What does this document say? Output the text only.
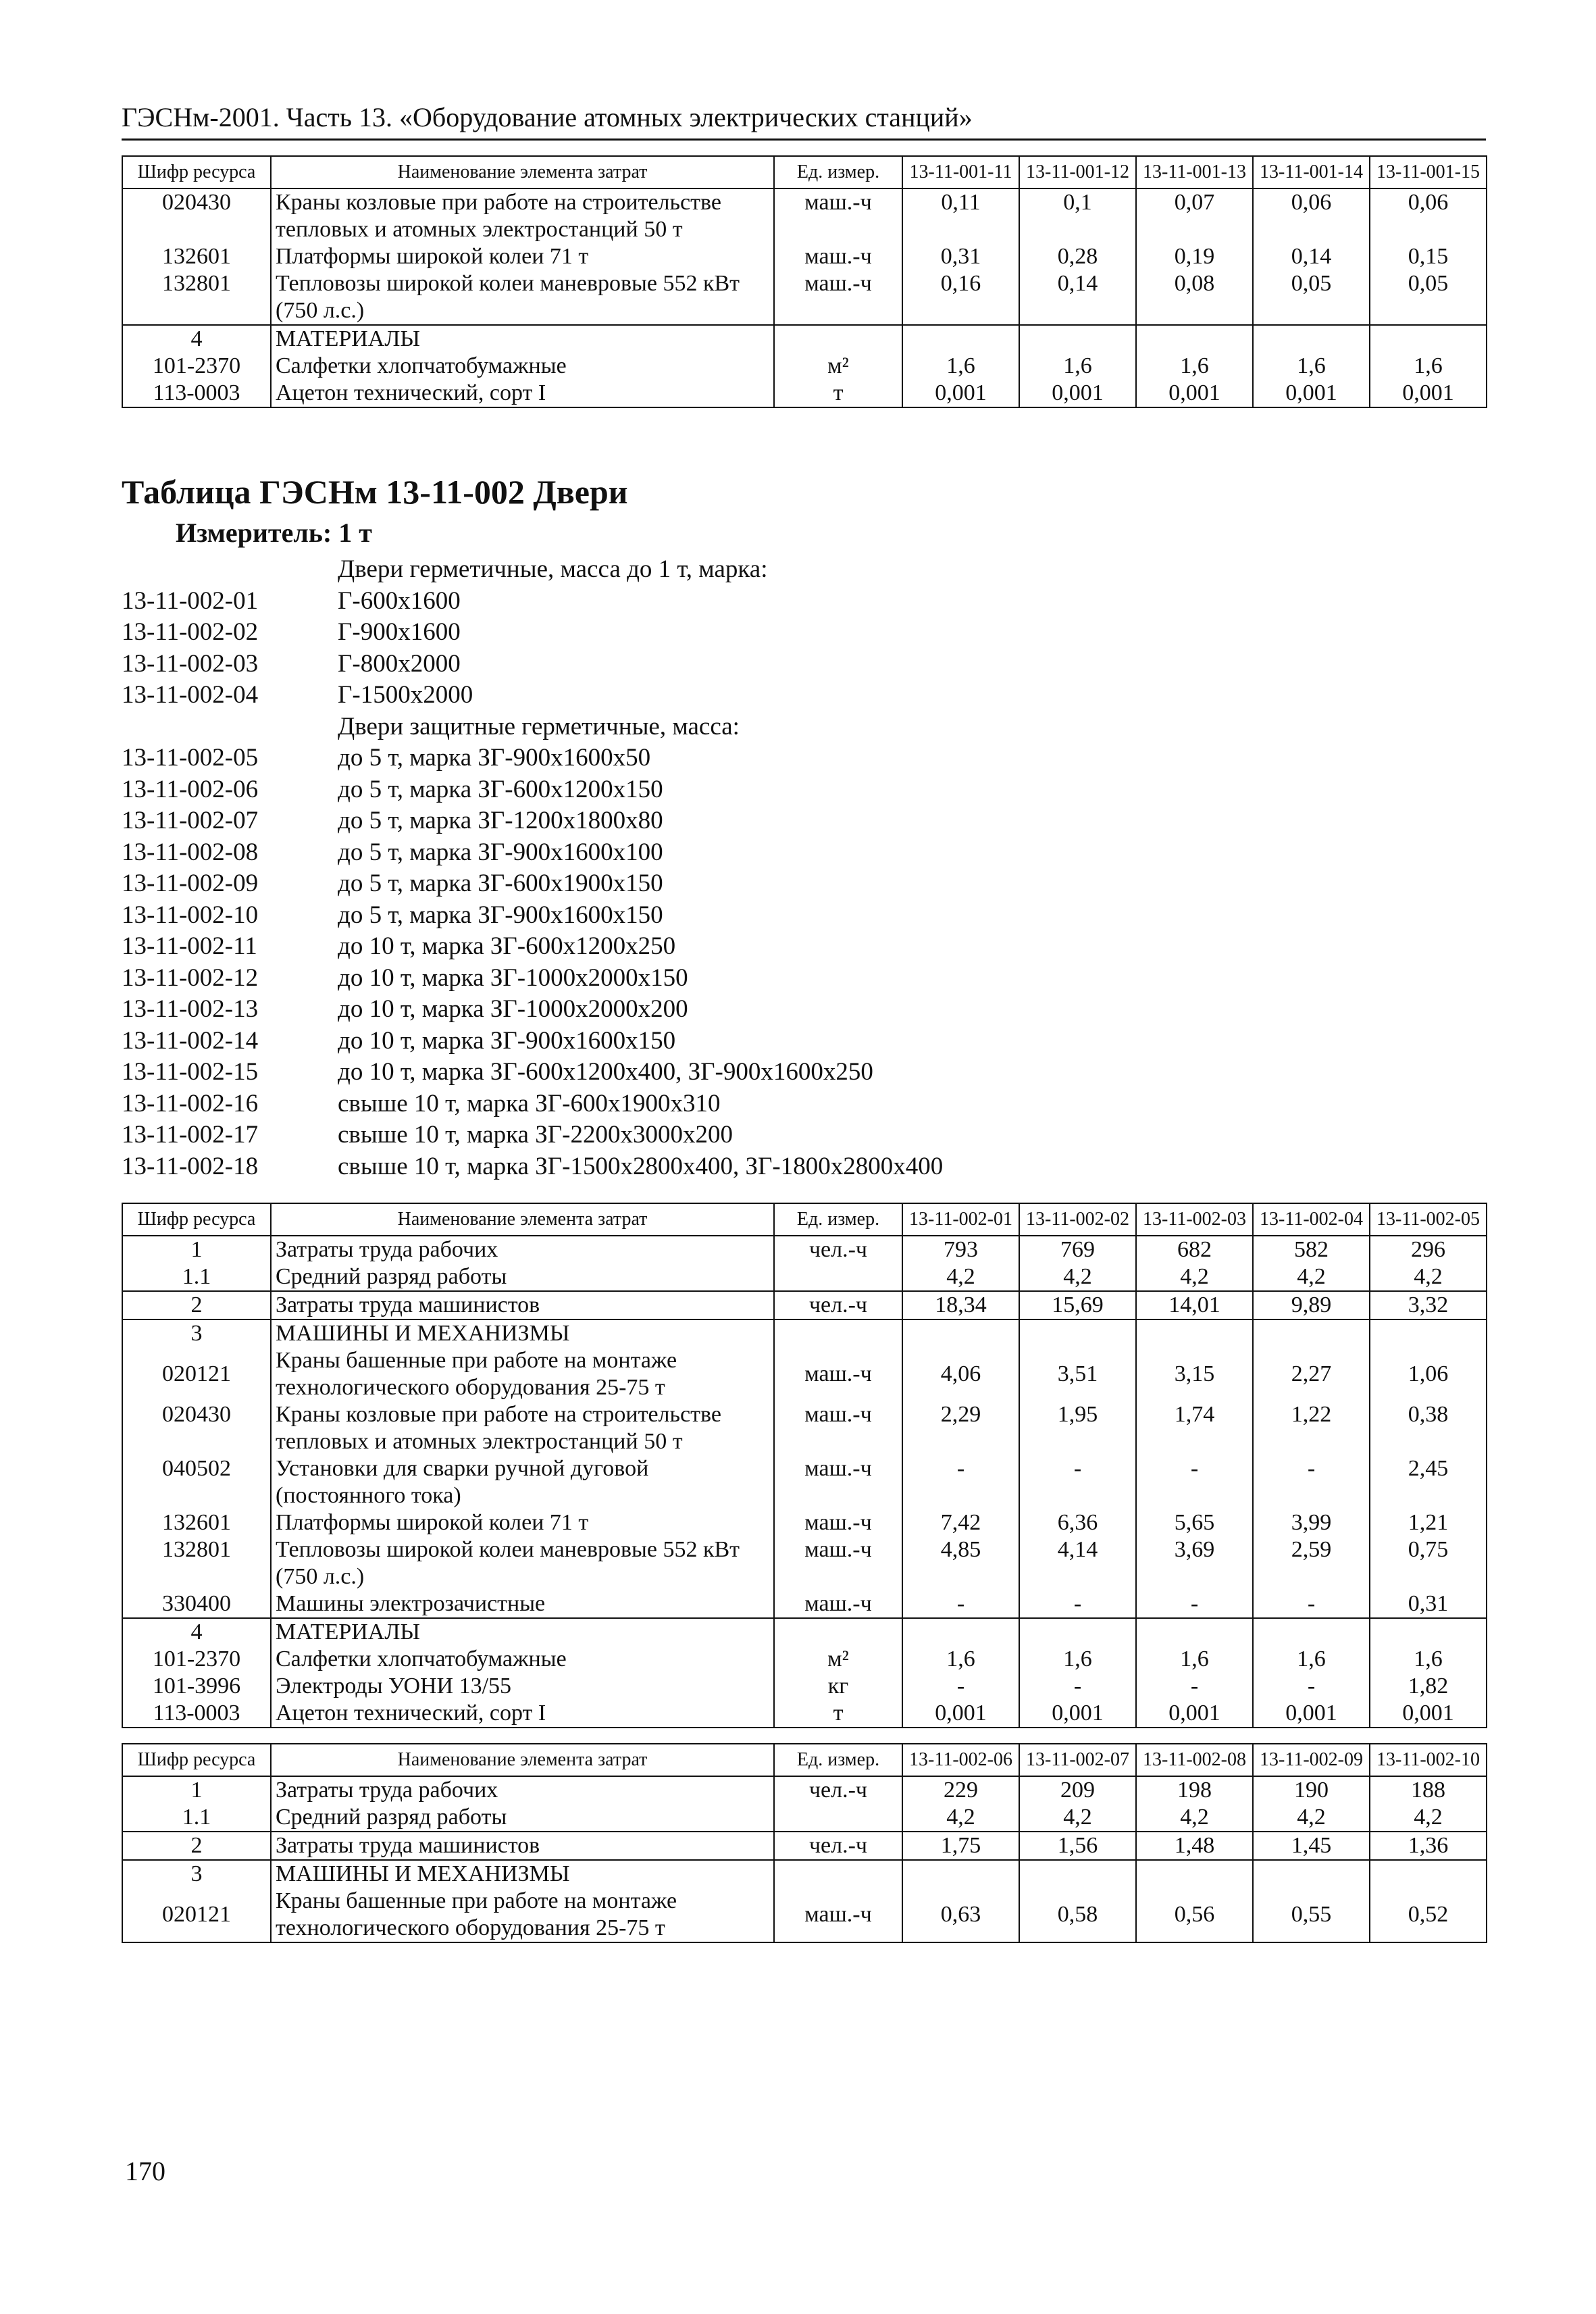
ГЭСНм-2001. Часть 13. «Оборудование атомных электрических станций»
Шифр ресурса	Наименование элемента затрат	Ед. измер.	13-11-001-11	13-11-001-12	13-11-001-13	13-11-001-14	13-11-001-15
020430	Краны козловые при работе на строительстве тепловых и атомных электростанций 50 т	маш.-ч	0,11	0,1	0,07	0,06	0,06
132601	Платформы широкой колеи 71 т	маш.-ч	0,31	0,28	0,19	0,14	0,15
132801	Тепловозы широкой колеи маневровые 552 кВт (750 л.с.)	маш.-ч	0,16	0,14	0,08	0,05	0,05
4	МАТЕРИАЛЫ						
101-2370	Салфетки хлопчатобумажные	м²	1,6	1,6	1,6	1,6	1,6
113-0003	Ацетон технический, сорт I	т	0,001	0,001	0,001	0,001	0,001
Таблица ГЭСНм 13-11-002 Двери
Измеритель: 1 т
Двери герметичные, масса до 1 т, марка:
13-11-002-01	Г-600х1600
13-11-002-02	Г-900х1600
13-11-002-03	Г-800х2000
13-11-002-04	Г-1500х2000
Двери защитные герметичные, масса:
13-11-002-05	до 5 т, марка ЗГ-900х1600х50
13-11-002-06	до 5 т, марка ЗГ-600х1200х150
13-11-002-07	до 5 т, марка ЗГ-1200х1800х80
13-11-002-08	до 5 т, марка ЗГ-900х1600х100
13-11-002-09	до 5 т, марка ЗГ-600х1900х150
13-11-002-10	до 5 т, марка ЗГ-900х1600х150
13-11-002-11	до 10 т, марка ЗГ-600х1200х250
13-11-002-12	до 10 т, марка ЗГ-1000х2000х150
13-11-002-13	до 10 т, марка ЗГ-1000х2000х200
13-11-002-14	до 10 т, марка ЗГ-900х1600х150
13-11-002-15	до 10 т, марка ЗГ-600х1200х400, ЗГ-900х1600х250
13-11-002-16	свыше 10 т, марка ЗГ-600х1900х310
13-11-002-17	свыше 10 т, марка ЗГ-2200х3000х200
13-11-002-18	свыше 10 т, марка ЗГ-1500х2800х400, ЗГ-1800х2800х400
Шифр ресурса	Наименование элемента затрат	Ед. измер.	13-11-002-01	13-11-002-02	13-11-002-03	13-11-002-04	13-11-002-05
1	Затраты труда рабочих	чел.-ч	793	769	682	582	296
1.1	Средний разряд работы		4,2	4,2	4,2	4,2	4,2
2	Затраты труда машинистов	чел.-ч	18,34	15,69	14,01	9,89	3,32
3	МАШИНЫ И МЕХАНИЗМЫ						
020121	Краны башенные при работе на монтаже технологического оборудования 25-75 т	маш.-ч	4,06	3,51	3,15	2,27	1,06
020430	Краны козловые при работе на строительстве тепловых и атомных электростанций 50 т	маш.-ч	2,29	1,95	1,74	1,22	0,38
040502	Установки для сварки ручной дуговой (постоянного тока)	маш.-ч	-	-	-	-	2,45
132601	Платформы широкой колеи 71 т	маш.-ч	7,42	6,36	5,65	3,99	1,21
132801	Тепловозы широкой колеи маневровые 552 кВт (750 л.с.)	маш.-ч	4,85	4,14	3,69	2,59	0,75
330400	Машины электрозачистные	маш.-ч	-	-	-	-	0,31
4	МАТЕРИАЛЫ						
101-2370	Салфетки хлопчатобумажные	м²	1,6	1,6	1,6	1,6	1,6
101-3996	Электроды УОНИ 13/55	кг	-	-	-	-	1,82
113-0003	Ацетон технический, сорт I	т	0,001	0,001	0,001	0,001	0,001
Шифр ресурса	Наименование элемента затрат	Ед. измер.	13-11-002-06	13-11-002-07	13-11-002-08	13-11-002-09	13-11-002-10
1	Затраты труда рабочих	чел.-ч	229	209	198	190	188
1.1	Средний разряд работы		4,2	4,2	4,2	4,2	4,2
2	Затраты труда машинистов	чел.-ч	1,75	1,56	1,48	1,45	1,36
3	МАШИНЫ И МЕХАНИЗМЫ						
020121	Краны башенные при работе на монтаже технологического оборудования 25-75 т	маш.-ч	0,63	0,58	0,56	0,55	0,52
170
